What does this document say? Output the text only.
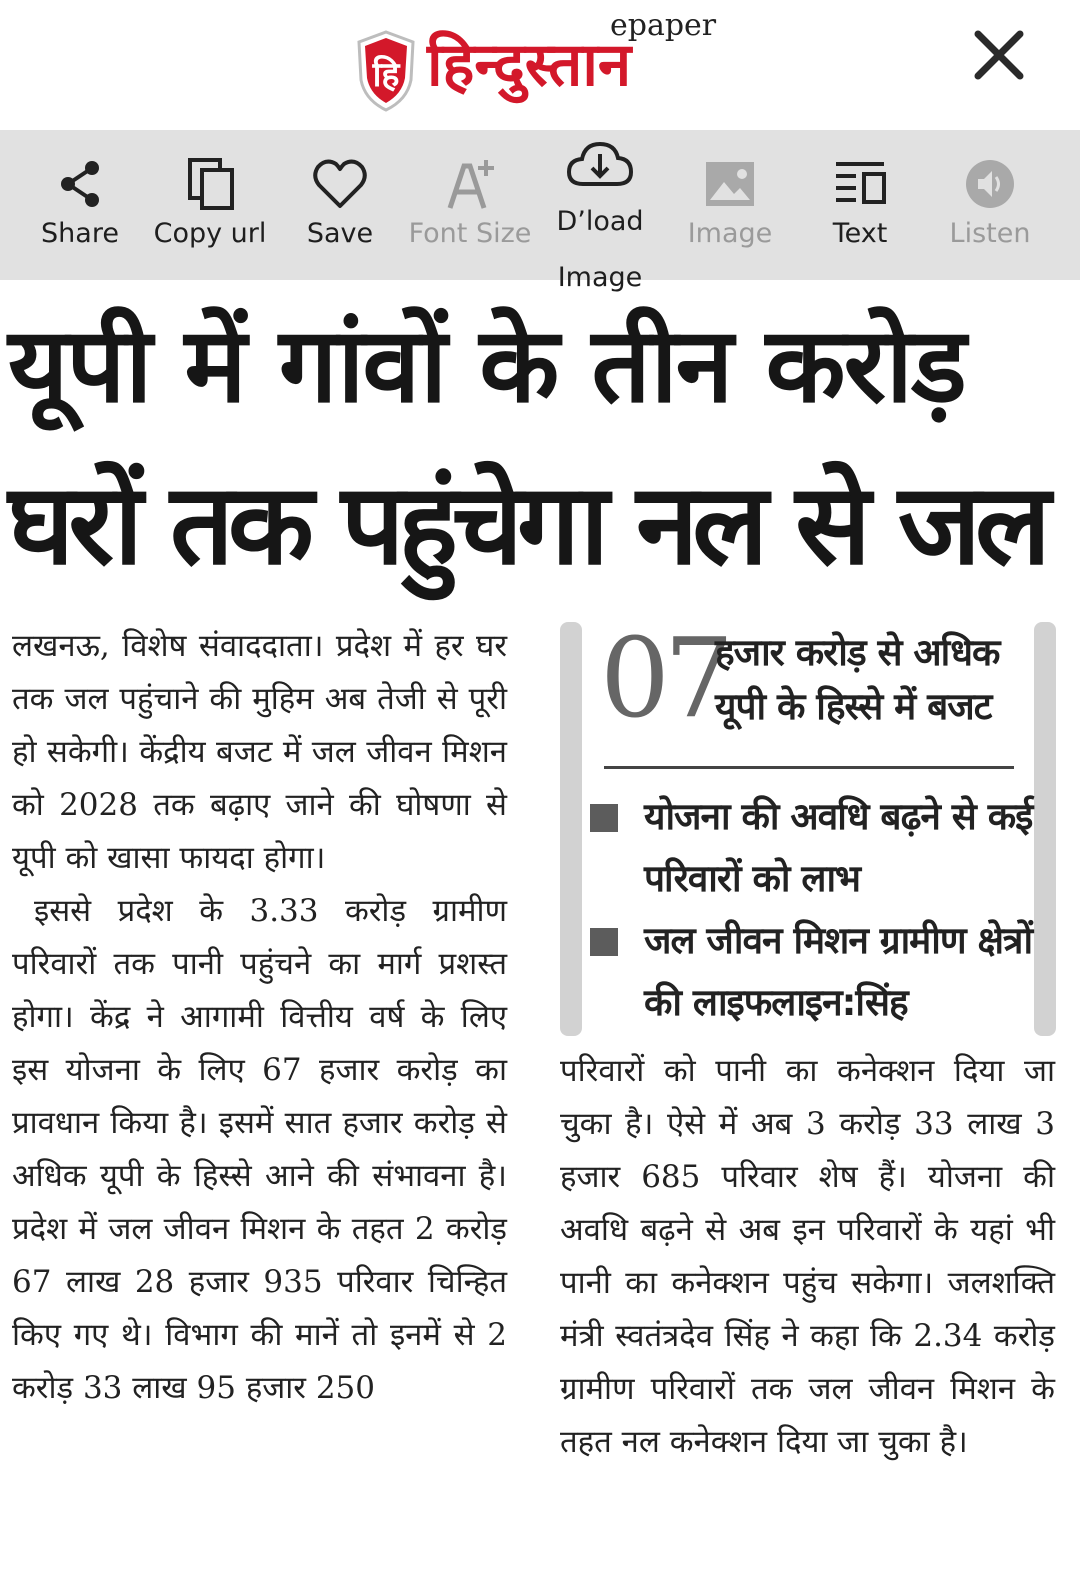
हि
epaper
हिन्दुस्तान
Share	Copy url	Save	Font Size D’load Image
Image	Text	Listen
यूपी में गांवों के तीन करोड़
घरों तक पहुंचेगा नल से जल

लखनऊ, विशेष संवाददाता। प्रदेश में हर घर तक जल पहुंचाने की मुहिम अब तेजी से पूरी हो सकेगी। केंद्रीय बजट में जल जीवन मिशन को 2028 तक बढ़ाए जाने की घोषणा से यूपी को खासा फायदा होगा।

इससे प्रदेश के 3.33 करोड़ ग्रामीण परिवारों तक पानी पहुंचने का मार्ग प्रशस्त होगा। केंद्र ने आगामी वित्तीय वर्ष के लिए इस योजना के लिए 67 हजार करोड़ का प्रावधान किया है। इसमें सात हजार करोड़ से अधिक यूपी के हिस्से आने की संभावना है। प्रदेश में जल जीवन मिशन के तहत 2 करोड़ 67 लाख 28 हजार 935 परिवार चिन्हित किए गए थे। विभाग की मानें तो इनमें से 2 करोड़ 33 लाख 95 हजार 250

07
हजार करोड़ से अधिक यूपी के हिस्से में बजट
योजना की अवधि बढ़ने से कई परिवारों को लाभ
जल जीवन मिशन ग्रामीण क्षेत्रों की लाइफलाइन:सिंह

परिवारों को पानी का कनेक्शन दिया जा चुका है। ऐसे में अब 3 करोड़ 33 लाख 3 हजार 685 परिवार शेष हैं। योजना की अवधि बढ़ने से अब इन परिवारों के यहां भी पानी का कनेक्शन पहुंच सकेगा। जलशक्ति मंत्री स्वतंत्रदेव सिंह ने कहा कि 2.34 करोड़ ग्रामीण परिवारों तक जल जीवन मिशन के तहत नल कनेक्शन दिया जा चुका है।
